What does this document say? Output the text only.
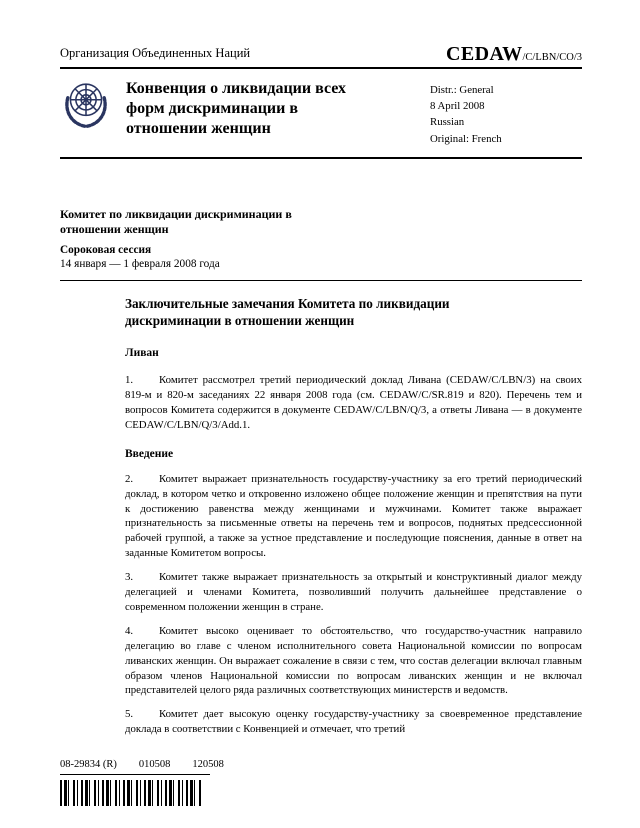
Организация Объединенных Наций	CEDAW/C/LBN/CO/3
Конвенция о ликвидации всех форм дискриминации в отношении женщин
Distr.: General
8 April 2008
Russian
Original: French
Комитет по ликвидации дискриминации в отношении женщин
Сороковая сессия
14 января — 1 февраля 2008 года
Заключительные замечания Комитета по ликвидации дискриминации в отношении женщин
Ливан

1. Комитет рассмотрел третий периодический доклад Ливана (CEDAW/C/LBN/3) на своих 819-м и 820-м заседаниях 22 января 2008 года (см. CEDAW/C/SR.819 и 820). Перечень тем и вопросов Комитета содержится в документе CEDAW/C/LBN/Q/3, а ответы Ливана — в документе CEDAW/C/LBN/Q/3/Add.1.

Введение

2. Комитет выражает признательность государству-участнику за его третий периодический доклад, в котором четко и откровенно изложено общее положение женщин и препятствия на пути к достижению равенства между женщинами и мужчинами. Комитет также выражает признательность за письменные ответы на перечень тем и вопросов, поднятых предсессионной рабочей группой, а также за устное представление и последующие пояснения, данные в ответ на заданные Комитетом вопросы.

3. Комитет также выражает признательность за открытый и конструктивный диалог между делегацией и членами Комитета, позволивший получить дальнейшее представление о современном положении женщин в стране.

4. Комитет высоко оценивает то обстоятельство, что государство-участник направило делегацию во главе с членом исполнительного совета Национальной комиссии по вопросам ливанских женщин. Он выражает сожаление в связи с тем, что состав делегации включал главным образом членов Национальной комиссии по вопросам ливанских женщин и не включал представителей целого ряда различных соответствующих министерств и ведомств.

5. Комитет дает высокую оценку государству-участнику за своевременное представление доклада в соответствии с Конвенцией и отмечает, что третий

08-29834 (R) 010508 120508
